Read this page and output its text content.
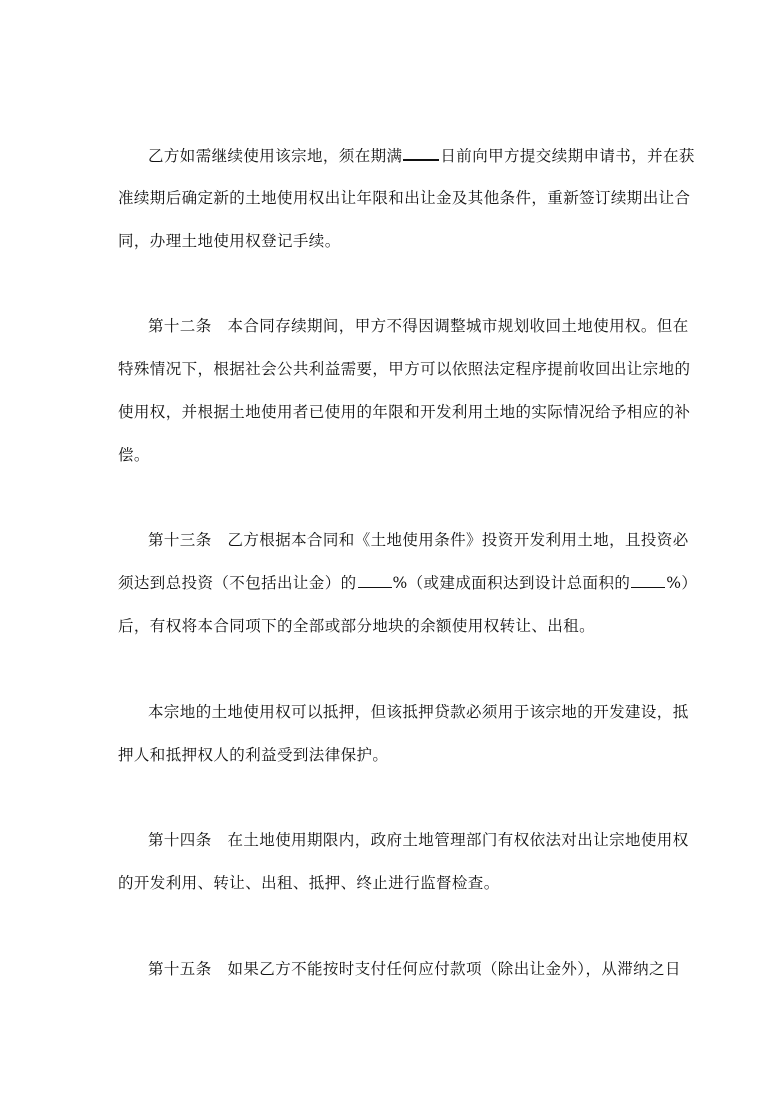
乙方如需继续使用该宗地，须在期满 日前向甲方提交续期申请书，并在获
准续期后确定新的土地使用权出让年限和出让金及其他条件，重新签订续期出让合
同，办理土地使用权登记手续。
第十二条　本合同存续期间，甲方不得因调整城市规划收回土地使用权。但在
特殊情况下，根据社会公共利益需要，甲方可以依照法定程序提前收回出让宗地的
使用权，并根据土地使用者已使用的年限和开发利用土地的实际情况给予相应的补
偿。
第十三条　乙方根据本合同和《土地使用条件》投资开发利用土地，且投资必
须达到总投资（不包括出让金）的 %（或建成面积达到设计总面积的 %）
后，有权将本合同项下的全部或部分地块的余额使用权转让、出租。
本宗地的土地使用权可以抵押，但该抵押贷款必须用于该宗地的开发建设，抵
押人和抵押权人的利益受到法律保护。
第十四条　在土地使用期限内，政府土地管理部门有权依法对出让宗地使用权
的开发利用、转让、出租、抵押、终止进行监督检查。
第十五条　如果乙方不能按时支付任何应付款项（除出让金外），从滞纳之日
